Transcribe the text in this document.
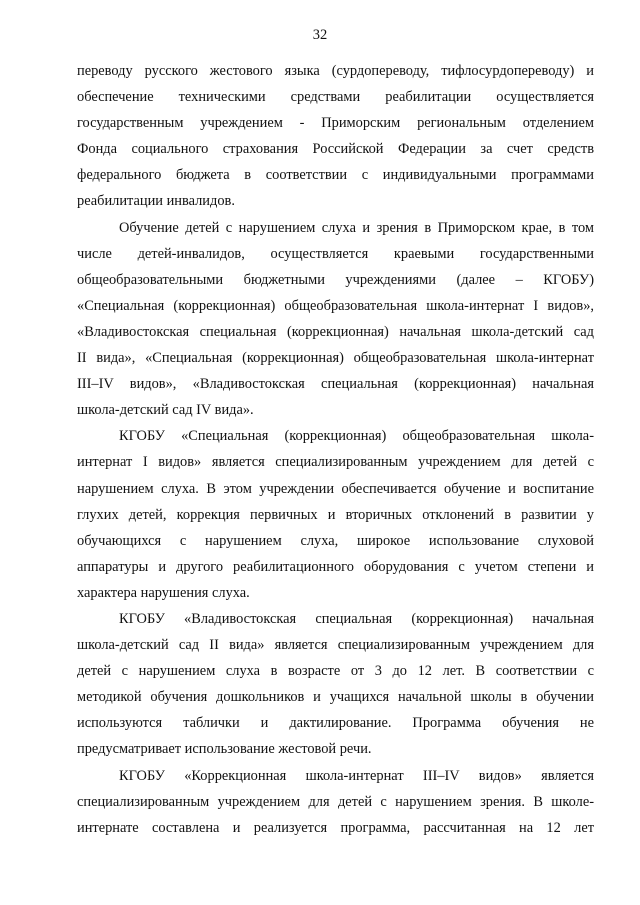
32
переводу русского жестового языка (сурдопереводу, тифлосурдопереводу) и
обеспечение техническими средствами реабилитации осуществляется
государственным учреждением - Приморским региональным отделением
Фонда социального страхования Российской Федерации за счет средств
федерального бюджета в соответствии с индивидуальными программами
реабилитации инвалидов.
Обучение детей с нарушением слуха и зрения в Приморском крае, в том
числе детей-инвалидов, осуществляется краевыми государственными
общеобразовательными бюджетными учреждениями (далее – КГОБУ)
«Специальная (коррекционная) общеобразовательная школа-интернат I видов»,
«Владивостокская специальная (коррекционная) начальная школа-детский сад
II вида», «Специальная (коррекционная) общеобразовательная школа-интернат
III–IV видов», «Владивостокская специальная (коррекционная) начальная
школа-детский сад IV вида».
КГОБУ «Специальная (коррекционная) общеобразовательная школа-
интернат I видов» является специализированным учреждением для детей с
нарушением слуха. В этом учреждении обеспечивается обучение и воспитание
глухих детей, коррекция первичных и вторичных отклонений в развитии у
обучающихся с нарушением слуха, широкое использование слуховой
аппаратуры и другого реабилитационного оборудования с учетом степени и
характера нарушения слуха.
КГОБУ «Владивостокская специальная (коррекционная) начальная
школа-детский сад II вида» является специализированным учреждением для
детей с нарушением слуха в возрасте от 3 до 12 лет. В соответствии с
методикой обучения дошкольников и учащихся начальной школы в обучении
используются таблички и дактилирование. Программа обучения не
предусматривает использование жестовой речи.
КГОБУ «Коррекционная школа-интернат III–IV видов» является
специализированным учреждением для детей с нарушением зрения. В школе-
интернате составлена и реализуется программа, рассчитанная на 12 лет
